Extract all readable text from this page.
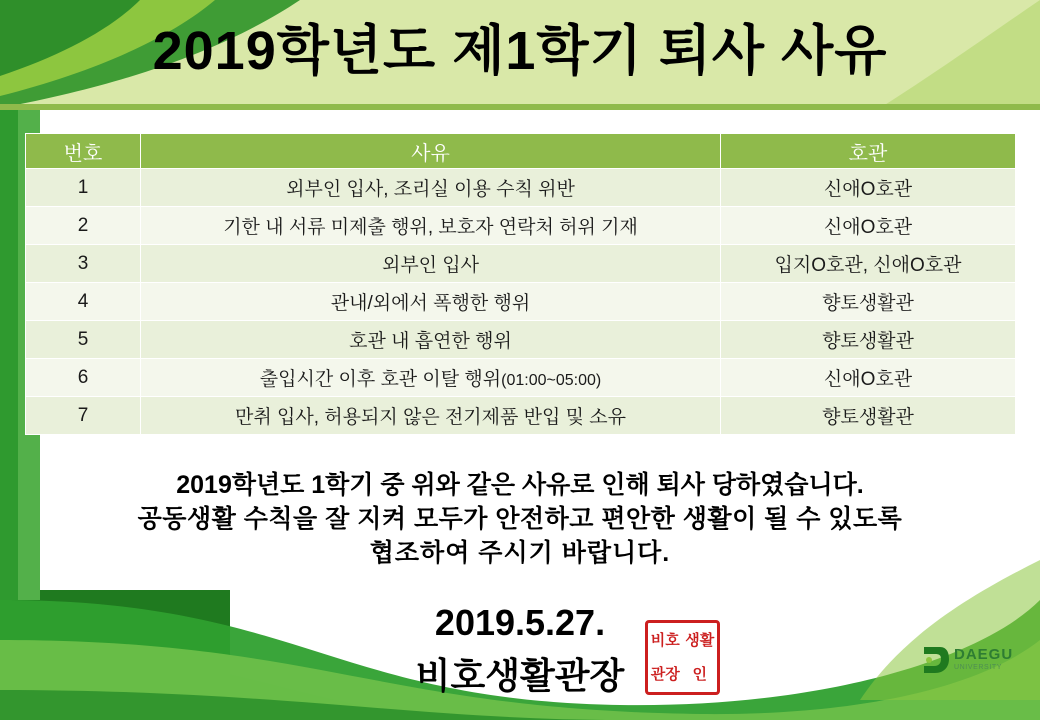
2019학년도 제1학기 퇴사 사유
번호	사유	호관
1	외부인 입사, 조리실 이용 수칙 위반	신애O호관
2	기한 내 서류 미제출 행위, 보호자 연락처 허위 기재	신애O호관
3	외부인 입사	입지O호관, 신애O호관
4	관내/외에서 폭행한 행위	향토생활관
5	호관 내 흡연한 행위	향토생활관
6	출입시간 이후 호관 이탈 행위(01:00~05:00)	신애O호관
7	만취 입사, 허용되지 않은 전기제품 반입 및 소유	향토생활관
2019학년도 1학기 중 위와 같은 사유로 인해 퇴사 당하였습니다.
공동생활 수칙을 잘 지켜 모두가 안전하고 편안한 생활이 될 수 있도록
협조하여 주시기 바랍니다.
2019.5.27.
비호생활관장
비호 생활
관장 인
DAEGU
UNIVERSITY
